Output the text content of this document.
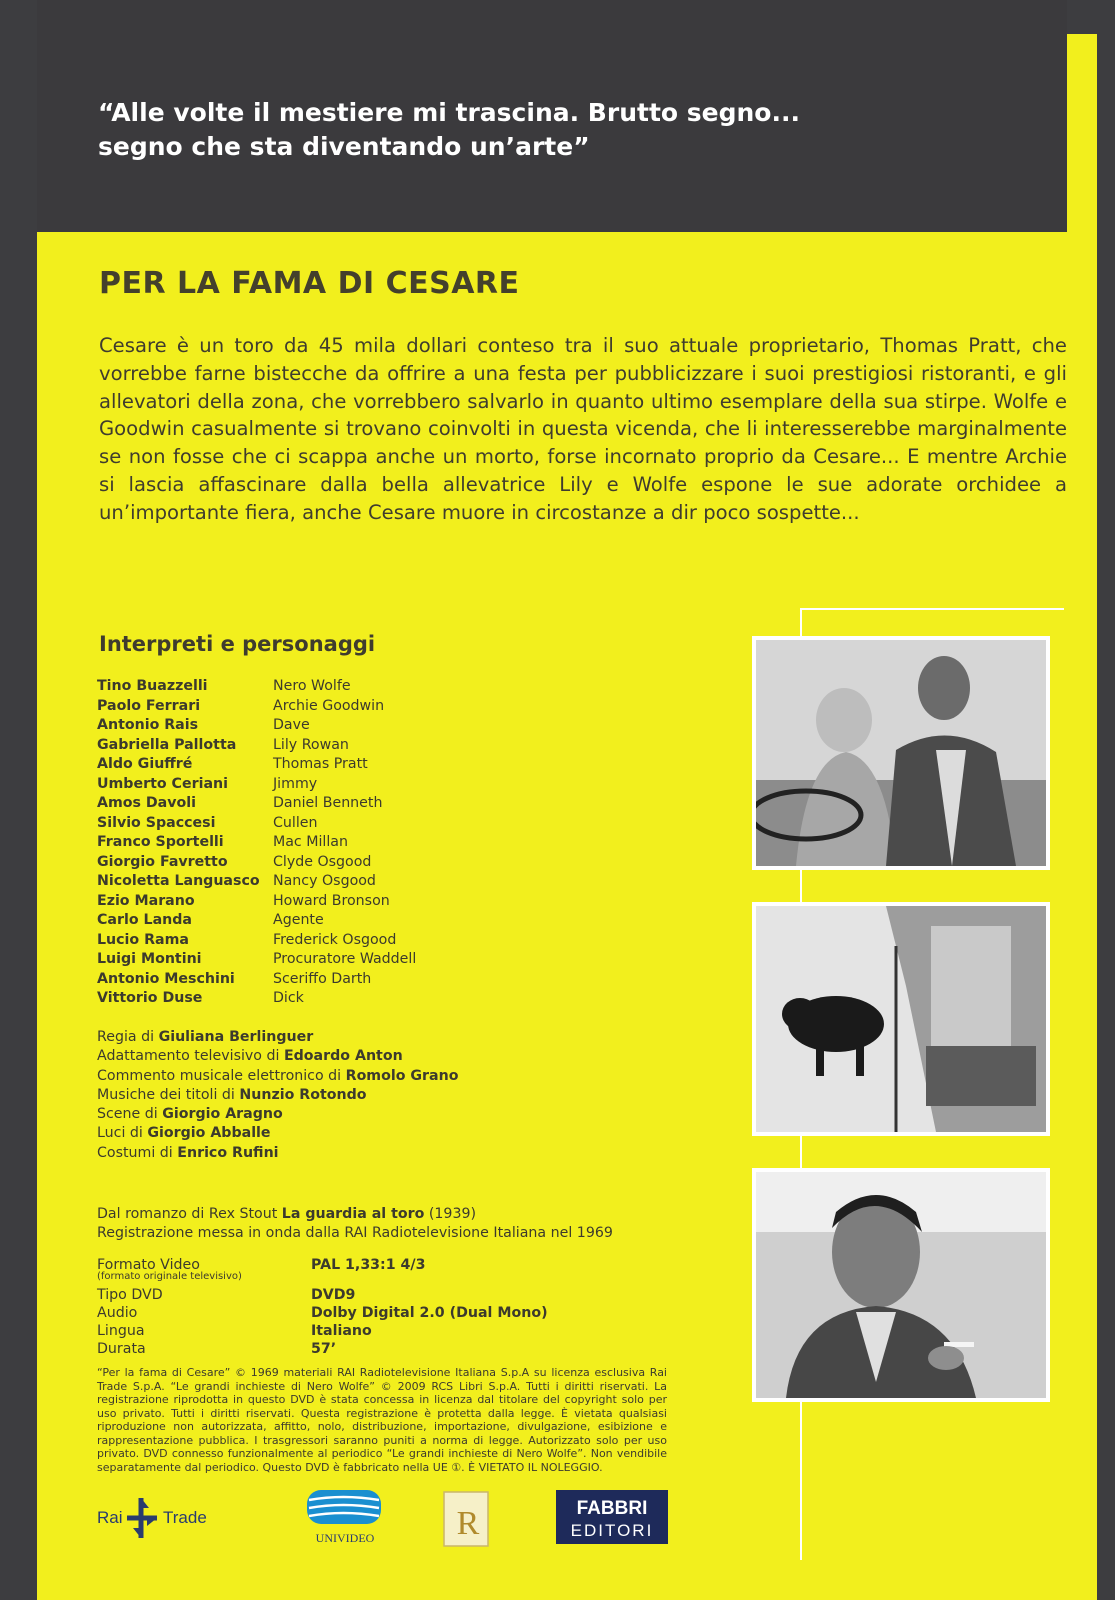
“Alle volte il mestiere mi trascina. Brutto segno...
segno che sta diventando un’arte”
PER LA FAMA DI CESARE
Cesare è un toro da 45 mila dollari conteso tra il suo attuale proprietario, Thomas Pratt, che vorrebbe farne bistecche da offrire a una festa per pubblicizzare i suoi prestigiosi ristoranti, e gli allevatori della zona, che vorrebbero salvarlo in quanto ultimo esemplare della sua stirpe. Wolfe e Goodwin casualmente si trovano coinvolti in questa vicenda, che li interesserebbe marginalmente se non fosse che ci scappa anche un morto, forse incornato proprio da Cesare... E mentre Archie si lascia affascinare dalla bella allevatrice Lily e Wolfe espone le sue adorate orchidee a un’importante fiera, anche Cesare muore in circostanze a dir poco sospette...
Interpreti e personaggi
Tino Buazzelli	Nero Wolfe
Paolo Ferrari	Archie Goodwin
Antonio Rais	Dave
Gabriella Pallotta	Lily Rowan
Aldo Giuffré	Thomas Pratt
Umberto Ceriani	Jimmy
Amos Davoli	Daniel Benneth
Silvio Spaccesi	Cullen
Franco Sportelli	Mac Millan
Giorgio Favretto	Clyde Osgood
Nicoletta Languasco	Nancy Osgood
Ezio Marano	Howard Bronson
Carlo Landa	Agente
Lucio Rama	Frederick Osgood
Luigi Montini	Procuratore Waddell
Antonio Meschini	Sceriffo Darth
Vittorio Duse	Dick
Regia di Giuliana Berlinguer
Adattamento televisivo di Edoardo Anton
Commento musicale elettronico di Romolo Grano
Musiche dei titoli di Nunzio Rotondo
Scene di Giorgio Aragno
Luci di Giorgio Abballe
Costumi di Enrico Rufini
Dal romanzo di Rex Stout La guardia al toro (1939)
Registrazione messa in onda dalla RAI Radiotelevisione Italiana nel 1969
Formato Video	PAL 1,33:1 4/3
(formato originale televisivo)
Tipo DVD	DVD9
Audio	Dolby Digital 2.0 (Dual Mono)
Lingua	Italiano
Durata	57’
“Per la fama di Cesare” © 1969 materiali RAI Radiotelevisione Italiana S.p.A su licenza esclusiva Rai Trade S.p.A. “Le grandi inchieste di Nero Wolfe” © 2009 RCS Libri S.p.A. Tutti i diritti riservati. La registrazione riprodotta in questo DVD è stata concessa in licenza dal titolare del copyright solo per uso privato. Tutti i diritti riservati. Questa registrazione è protetta dalla legge. È vietata qualsiasi riproduzione non autorizzata, affitto, nolo, distribuzione, importazione, divulgazione, esibizione e rappresentazione pubblica. I trasgressori saranno puniti a norma di legge. Autorizzato solo per uso privato. DVD connesso funzionalmente al periodico “Le grandi inchieste di Nero Wolfe”. Non vendibile separatamente dal periodico. Questo DVD è fabbricato nella UE ①. È VIETATO IL NOLEGGIO.
Rai Trade
UNIVIDEO R	FABBRI
EDITORI
